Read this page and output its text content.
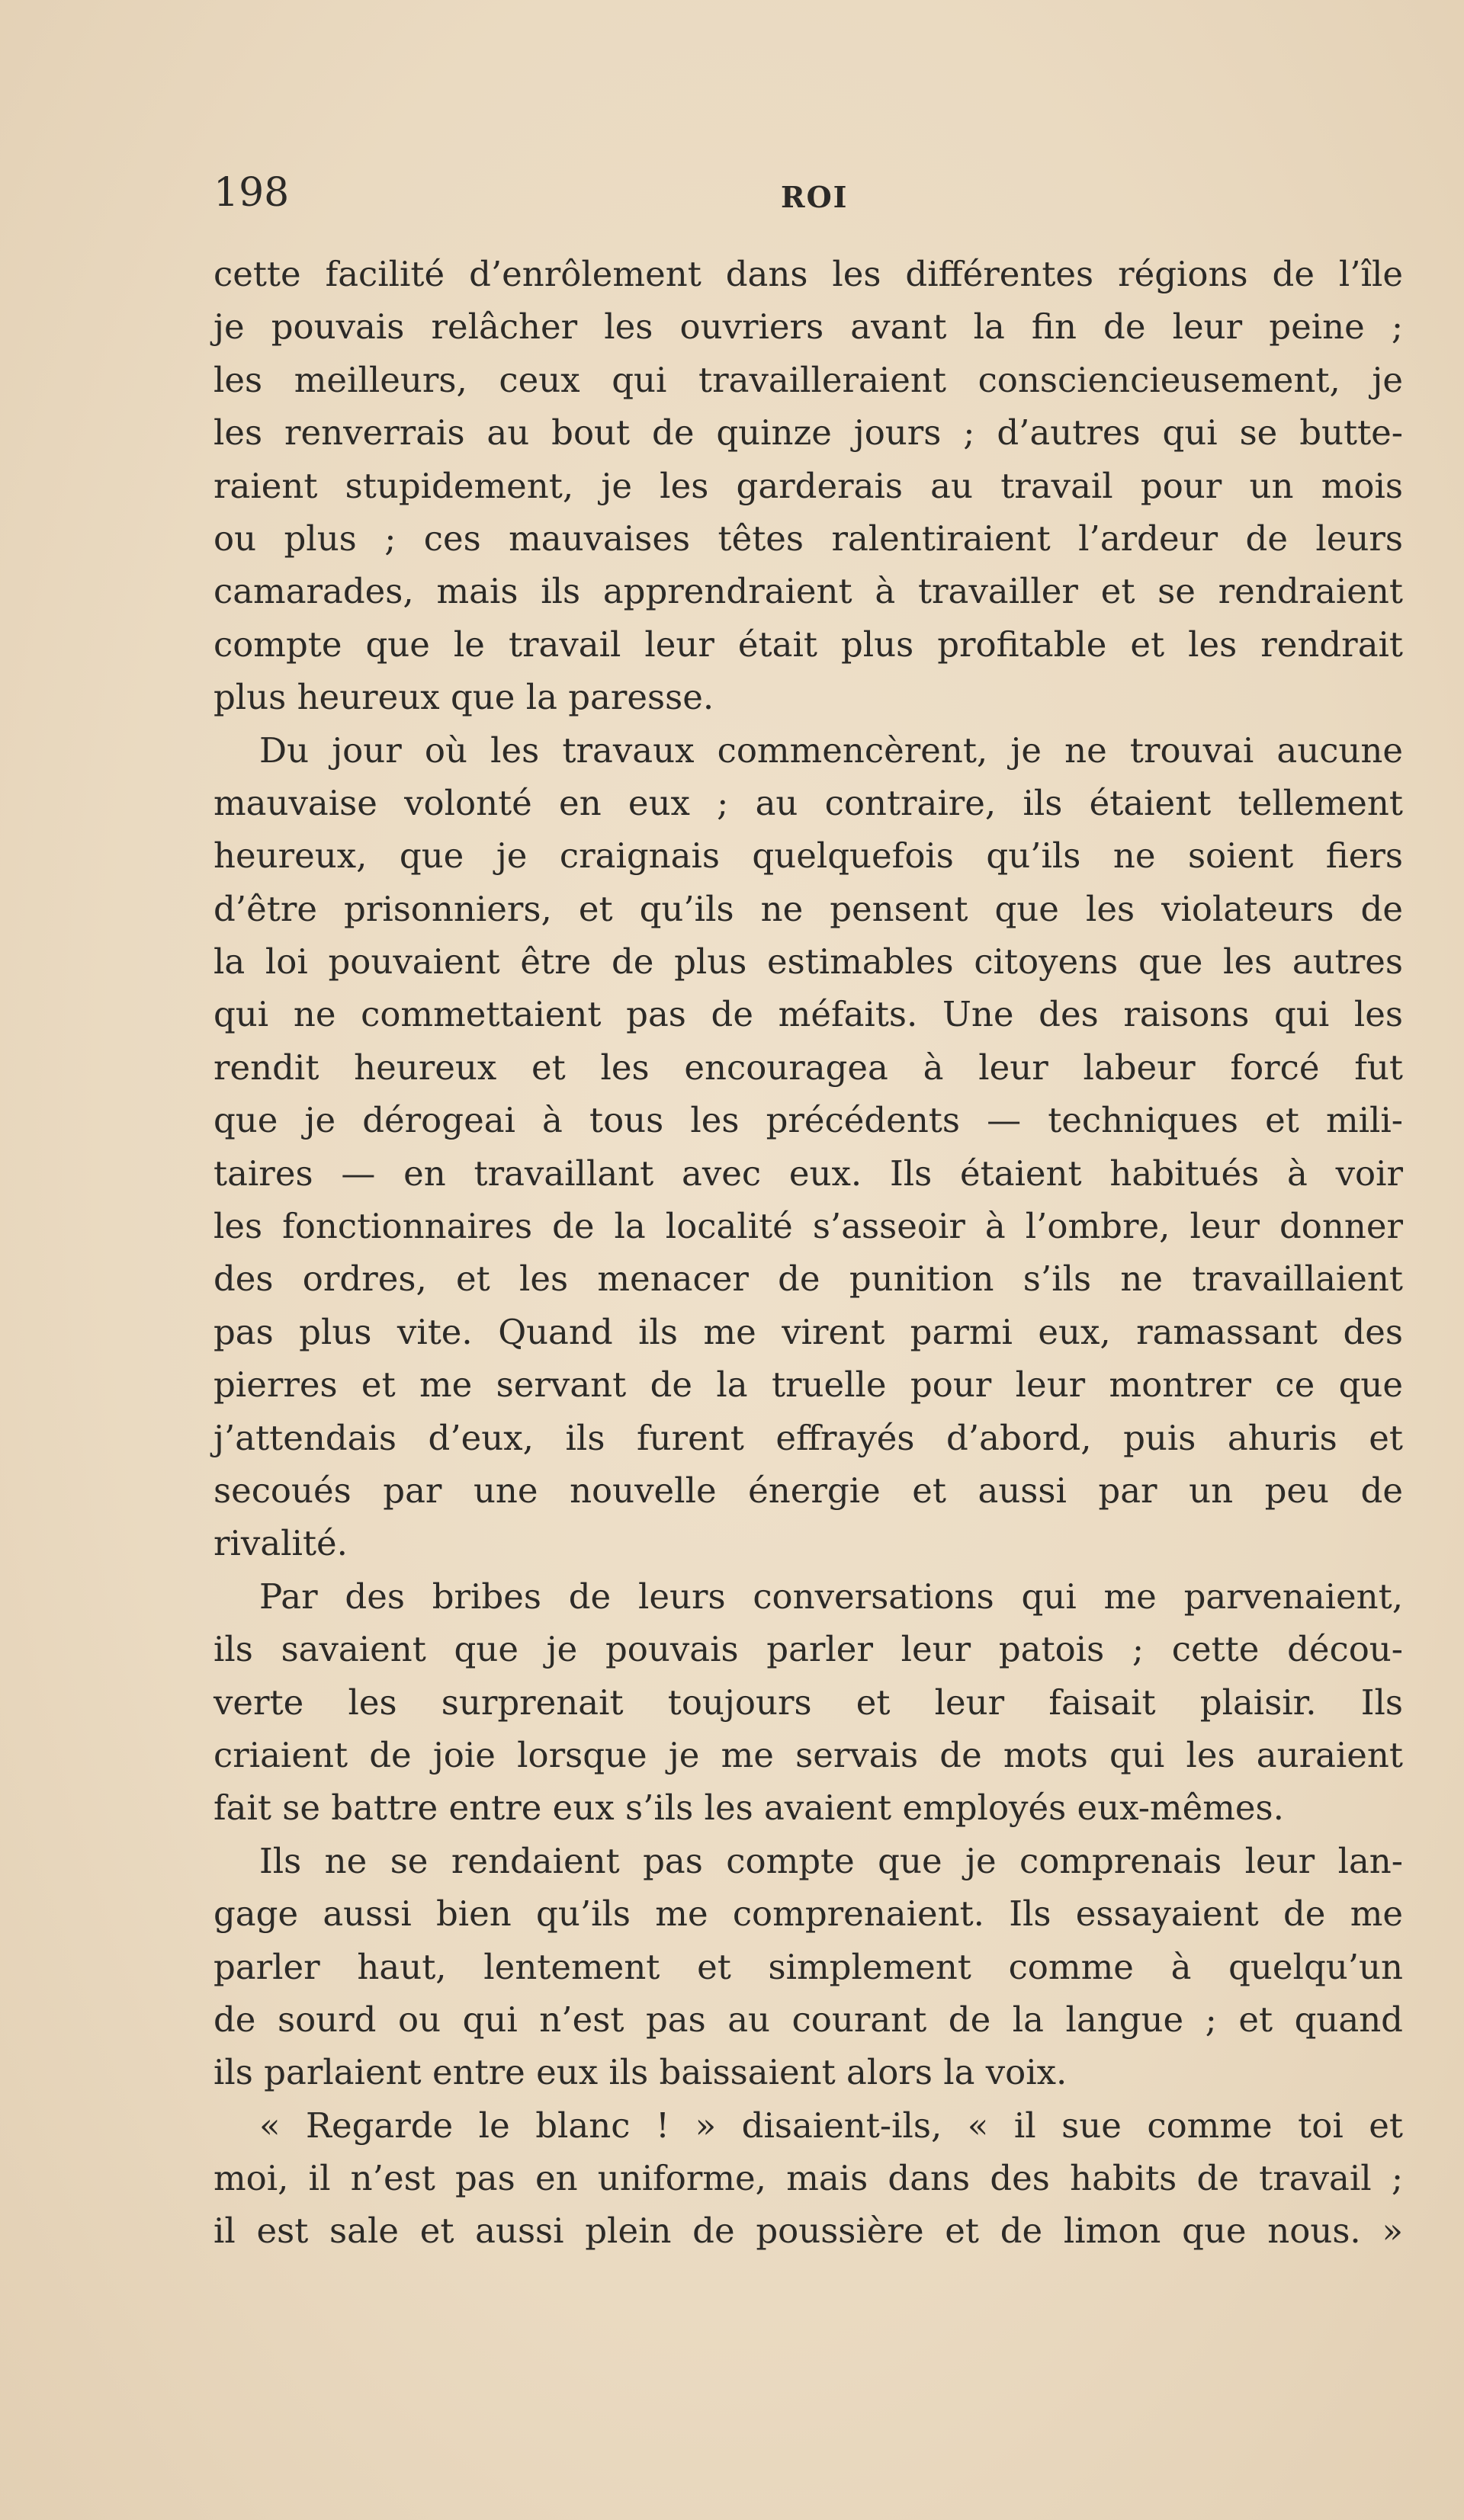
198	ROI
cette facilité d’enrôlement dans les différentes régions de l’île
je pouvais relâcher les ouvriers avant la fin de leur peine ;
les meilleurs, ceux qui travailleraient consciencieusement, je
les renverrais au bout de quinze jours ; d’autres qui se butte-
raient stupidement, je les garderais au travail pour un mois
ou plus ; ces mauvaises têtes ralentiraient l’ardeur de leurs
camarades, mais ils apprendraient à travailler et se rendraient
compte que le travail leur était plus profitable et les rendrait
plus heureux que la paresse.
Du jour où les travaux commencèrent, je ne trouvai aucune
mauvaise volonté en eux ; au contraire, ils étaient tellement
heureux, que je craignais quelquefois qu’ils ne soient fiers
d’être prisonniers, et qu’ils ne pensent que les violateurs de
la loi pouvaient être de plus estimables citoyens que les autres
qui ne commettaient pas de méfaits. Une des raisons qui les
rendit heureux et les encouragea à leur labeur forcé fut
que je dérogeai à tous les précédents — techniques et mili-
taires — en travaillant avec eux. Ils étaient habitués à voir
les fonctionnaires de la localité s’asseoir à l’ombre, leur donner
des ordres, et les menacer de punition s’ils ne travaillaient
pas plus vite. Quand ils me virent parmi eux, ramassant des
pierres et me servant de la truelle pour leur montrer ce que
j’attendais d’eux, ils furent effrayés d’abord, puis ahuris et
secoués par une nouvelle énergie et aussi par un peu de
rivalité.
Par des bribes de leurs conversations qui me parvenaient,
ils savaient que je pouvais parler leur patois ; cette décou-
verte les surprenait toujours et leur faisait plaisir. Ils
criaient de joie lorsque je me servais de mots qui les auraient
fait se battre entre eux s’ils les avaient employés eux-mêmes.
Ils ne se rendaient pas compte que je comprenais leur lan-
gage aussi bien qu’ils me comprenaient. Ils essayaient de me
parler haut, lentement et simplement comme à quelqu’un
de sourd ou qui n’est pas au courant de la langue ; et quand
ils parlaient entre eux ils baissaient alors la voix.
« Regarde le blanc ! » disaient-ils, « il sue comme toi et
moi, il n’est pas en uniforme, mais dans des habits de travail ;
il est sale et aussi plein de poussière et de limon que nous. »
